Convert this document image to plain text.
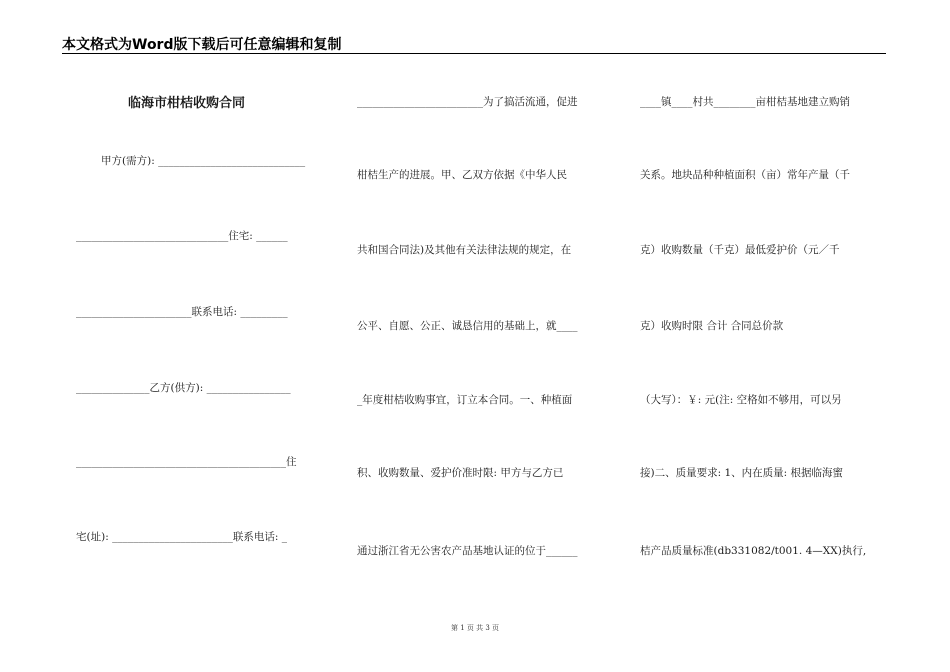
本文格式为Word版下载后可任意编辑和复制
临海市柑桔收购合同
甲方(需方): ____________________________
_____________________________住宅: ______
______________________联系电话: _________
______________乙方(供方): ________________
________________________________________住
宅(址): _______________________联系电话: _
________________________为了搞活流通，促进
柑桔生产的进展。甲、乙双方依据《中华人民
共和国合同法)及其他有关法律法规的规定，在
公平、自愿、公正、诚恳信用的基础上，就____
_年度柑桔收购事宜，订立本合同。一、种植面
积、收购数量、爱护价准时限: 甲方与乙方已
通过浙江省无公害农产品基地认证的位于______
____镇____村共________亩柑桔基地建立购销
关系。地块品种种植面积（亩）常年产量（千
克）收购数量（千克）最低爱护价（元／千
克）收购时限 合计 合同总价款
（大写）：￥: 元(注: 空格如不够用，可以另
接)二、质量要求: 1、内在质量: 根据临海蜜
桔产品质量标准(db331082/t001. 4—XX)执行,
第 1 页 共 3 页
